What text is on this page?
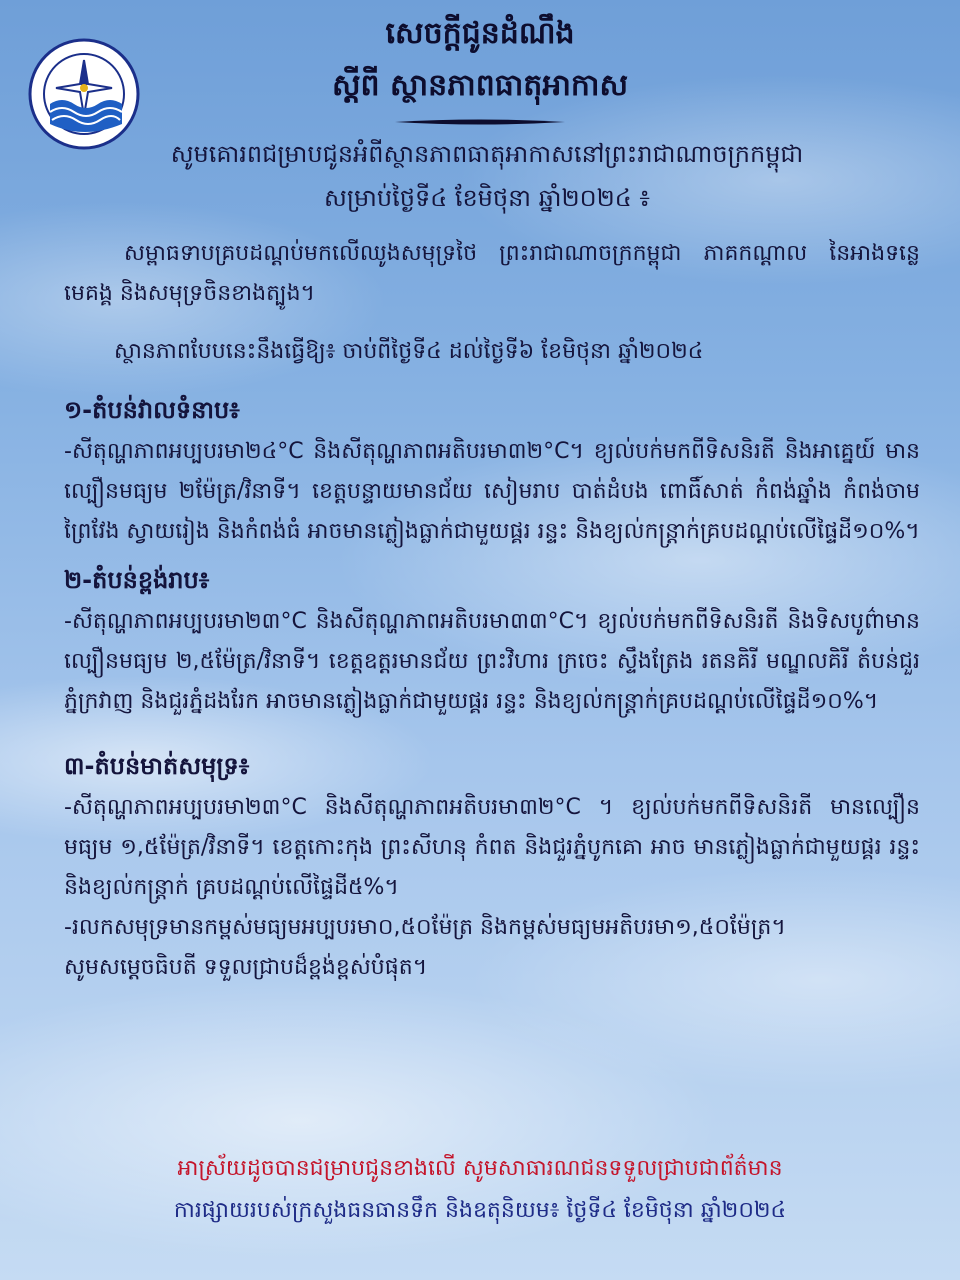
សេចក្តីជូនដំណឹង
ស្តីពី ស្ថានភាពធាតុអាកាស
សូមគោរពជម្រាបជូនអំពីស្ថានភាពធាតុអាកាសនៅព្រះរាជាណាចក្រកម្ពុជា
សម្រាប់ថ្ងៃទី៤ ខែមិថុនា ឆ្នាំ២០២៤ ៖
សម្ពាធទាបគ្របដណ្តប់មកលើឈូងសមុទ្រថៃ ព្រះរាជាណាចក្រកម្ពុជា ភាគកណ្តាល នៃអាងទន្លេមេគង្គ និងសមុទ្រចិនខាងត្បូង។
ស្ថានភាពបែបនេះនឹងធ្វើឱ្យ៖ ចាប់ពីថ្ងៃទី៤ ដល់ថ្ងៃទី៦ ខែមិថុនា ឆ្នាំ២០២៤
១-តំបន់វាលទំនាប៖
-សីតុណ្ហភាពអប្បបរមា២៤°C និងសីតុណ្ហភាពអតិបរមា៣២°C។ ខ្យល់បក់មកពីទិសនិរតី និងអាគ្នេយ៍ មានល្បឿនមធ្យម ២ម៉ែត្រ/វិនាទី។ ខេត្តបន្ទាយមានជ័យ សៀមរាប បាត់ដំបង ពោធិ៍សាត់ កំពង់ឆ្នាំង កំពង់ចាម ព្រៃវែង ស្វាយរៀង និងកំពង់ធំ អាចមានភ្លៀងធ្លាក់ជាមួយផ្គរ រន្ទះ និងខ្យល់កន្ត្រាក់គ្របដណ្តប់លើផ្ទៃដី១០%។
២-តំបន់ខ្ពង់រាប៖
-សីតុណ្ហភាពអប្បបរមា២៣°C និងសីតុណ្ហភាពអតិបរមា៣៣°C។ ខ្យល់បក់មកពីទិសនិរតី និងទិសបូព៌ាមានល្បឿនមធ្យម ២,៥ម៉ែត្រ/វិនាទី។ ខេត្តឧត្តរមានជ័យ ព្រះវិហារ ក្រចេះ ស្ទឹងត្រែង រតនគិរី មណ្ឌលគិរី តំបន់ជួរភ្នំក្រវាញ និងជួរភ្នំដងរែក អាចមានភ្លៀងធ្លាក់ជាមួយផ្គរ រន្ទះ និងខ្យល់កន្ត្រាក់គ្របដណ្តប់លើផ្ទៃដី១០%។
៣-តំបន់មាត់សមុទ្រ៖
-សីតុណ្ហភាពអប្បបរមា២៣°C និងសីតុណ្ហភាពអតិបរមា៣២°C ។ ខ្យល់បក់មកពីទិសនិរតី មានល្បឿន មធ្យម ១,៥ម៉ែត្រ/វិនាទី។ ខេត្តកោះកុង ព្រះសីហនុ កំពត និងជួរភ្នំបូកគោ អាច មានភ្លៀងធ្លាក់ជាមួយផ្គរ រន្ទះ និងខ្យល់កន្ត្រាក់ គ្របដណ្តប់លើផ្ទៃដី៥%។
-រលកសមុទ្រមានកម្ពស់មធ្យមអប្បបរមា០,៥០ម៉ែត្រ និងកម្ពស់មធ្យមអតិបរមា១,៥០ម៉ែត្រ។
សូមសម្តេចធិបតី ទទួលជ្រាបដ៏ខ្ពង់ខ្ពស់បំផុត។
អាស្រ័យដូចបានជម្រាបជូនខាងលើ សូមសាធារណជនទទួលជ្រាបជាព័ត៌មាន
ការផ្សាយរបស់ក្រសួងធនធានទឹក និងឧតុនិយម៖ ថ្ងៃទី៤ ខែមិថុនា ឆ្នាំ២០២៤
